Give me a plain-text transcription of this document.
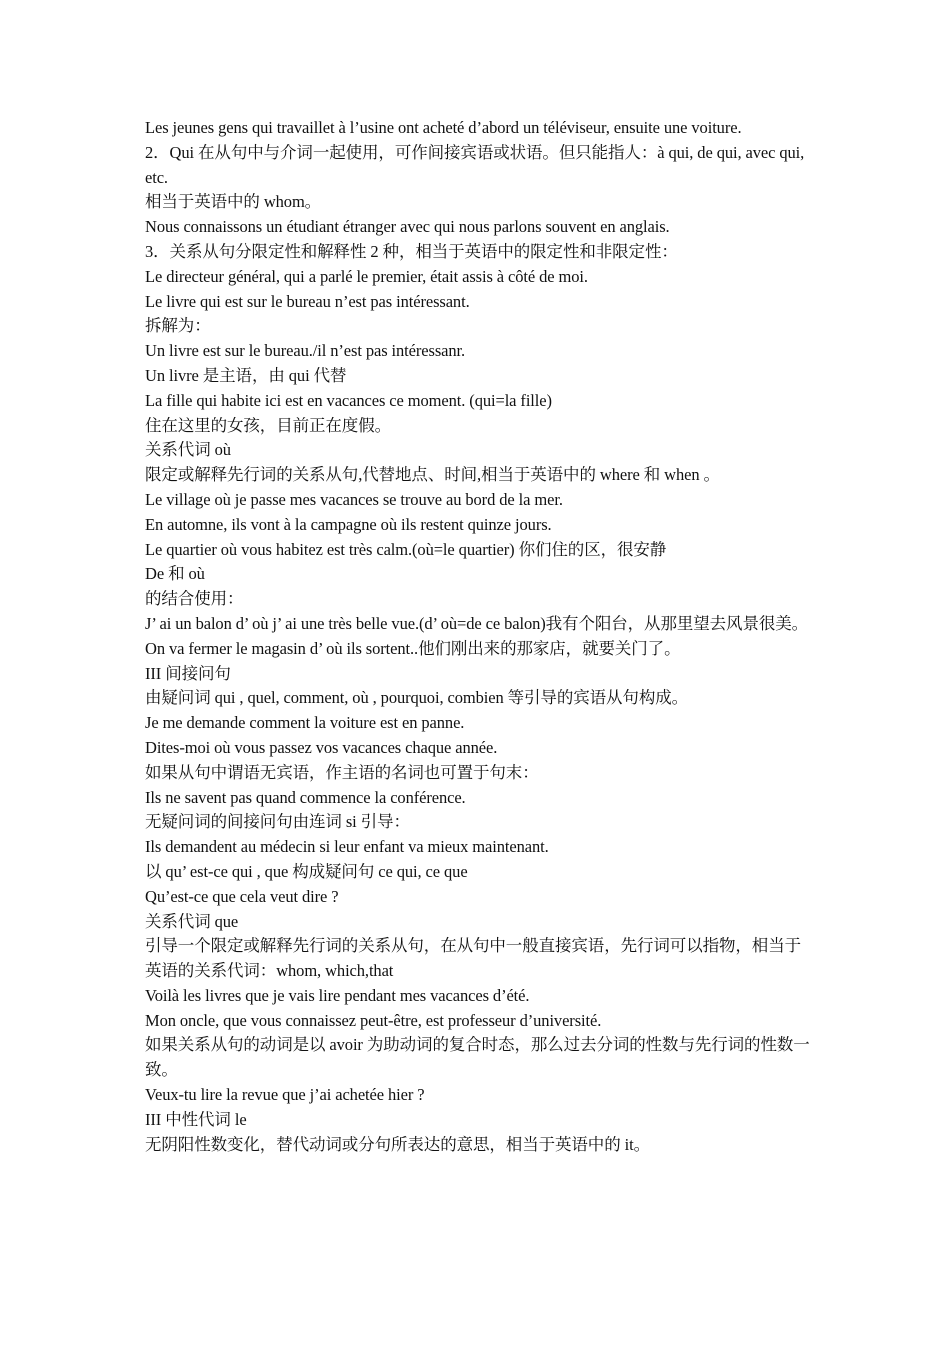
Les jeunes gens qui travaillet à l’usine ont acheté d’abord un téléviseur, ensuite une voiture.

2．Qui 在从句中与介词一起使用，可作间接宾语或状语。但只能指人：à qui, de qui, avec qui, etc.

相当于英语中的 whom。

Nous connaissons un étudiant étranger avec qui nous parlons souvent en anglais.

3．关系从句分限定性和解释性 2 种，相当于英语中的限定性和非限定性：

Le directeur général, qui a parlé le premier, était assis à côté de moi.

Le livre qui est sur le bureau n’est pas intéressant.

拆解为：

Un livre est sur le bureau./il n’est pas intéressanr.

Un livre 是主语，由 qui 代替

La fille qui habite ici est en vacances ce moment. (qui=la fille)

住在这里的女孩，目前正在度假。

关系代词 où

限定或解释先行词的关系从句,代替地点、时间,相当于英语中的 where 和 when 。

Le village où je passe mes vacances se trouve au bord de la mer.

En automne, ils vont à la campagne où ils restent quinze jours.

Le quartier où vous habitez est très calm.(où=le quartier) 你们住的区，很安静

De 和 où

的结合使用：

J’ ai un balon d’ où j’ ai une très belle vue.(d’ où=de ce balon)我有个阳台，从那里望去风景很美。

On va fermer le magasin d’ où ils sortent..他们刚出来的那家店，就要关门了。

III 间接问句

由疑问词 qui , quel, comment, où , pourquoi, combien 等引导的宾语从句构成。

Je me demande comment la voiture est en panne.

Dites-moi où vous passez vos vacances chaque année.

如果从句中谓语无宾语，作主语的名词也可置于句末：

Ils ne savent pas quand commence la conférence.

无疑问词的间接问句由连词 si 引导：

Ils demandent au médecin si leur enfant va mieux maintenant.

以 qu’ est-ce qui , que 构成疑问句 ce qui, ce que

Qu’est-ce que cela veut dire ?

关系代词 que

引导一个限定或解释先行词的关系从句，在从句中一般直接宾语，先行词可以指物，相当于英语的关系代词：whom, which,that

Voilà les livres que je vais lire pendant mes vacances d’été.

Mon oncle, que vous connaissez peut-être, est professeur d’université.

如果关系从句的动词是以 avoir 为助动词的复合时态，那么过去分词的性数与先行词的性数一致。

Veux-tu lire la revue que j’ai achetée hier ?

III 中性代词 le

无阴阳性数变化，替代动词或分句所表达的意思，相当于英语中的 it。
